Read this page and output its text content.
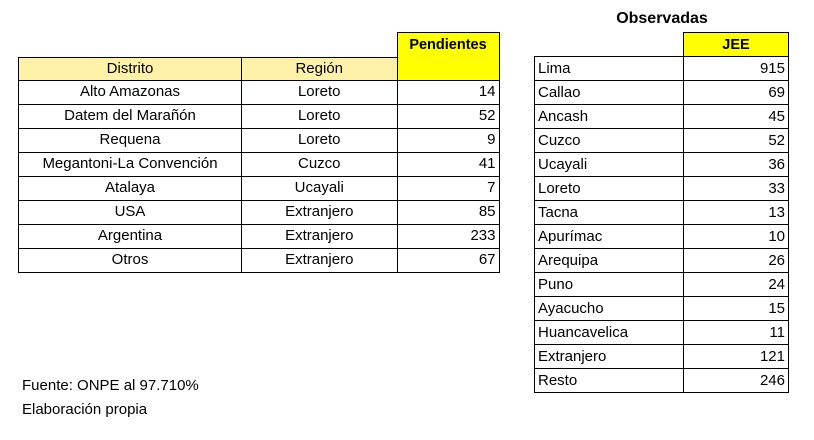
		Pendientes
Distrito	Región	
Alto Amazonas	Loreto	14
Datem del Marañón	Loreto	52
Requena	Loreto	9
Megantoni-La Convención	Cuzco	41
Atalaya	Ucayali	7
USA	Extranjero	85
Argentina	Extranjero	233
Otros	Extranjero	67
Observadas
	JEE
Lima	915
Callao	69
Ancash	45
Cuzco	52
Ucayali	36
Loreto	33
Tacna	13
Apurímac	10
Arequipa	26
Puno	24
Ayacucho	15
Huancavelica	11
Extranjero	121
Resto	246
Fuente: ONPE al 97.710%
Elaboración propia
